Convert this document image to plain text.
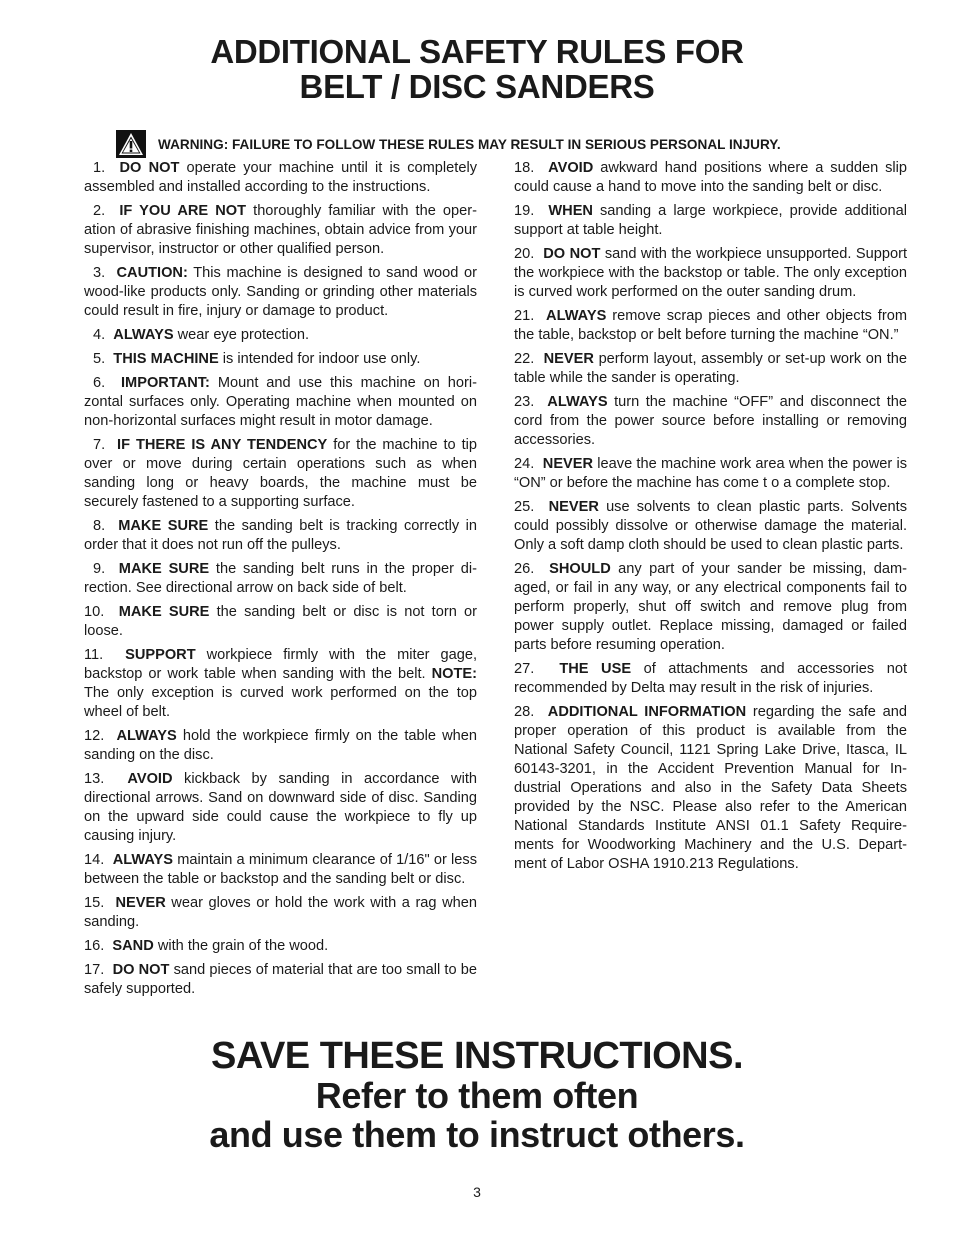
ADDITIONAL SAFETY RULES FOR
BELT / DISC SANDERS
WARNING: FAILURE TO FOLLOW THESE RULES MAY RESULT IN SERIOUS PERSONAL INJURY.

1. DO NOT operate your machine until it is completely assembled and installed according to the instructions.

2. IF YOU ARE NOT thoroughly familiar with the oper-ation of abrasive finishing machines, obtain advice from your supervisor, instructor or other qualified person.

3. CAUTION: This machine is designed to sand wood or wood-like products only. Sanding or grinding other materials could result in fire, injury or damage to product.

4. ALWAYS wear eye protection.

5. THIS MACHINE is intended for indoor use only.

6. IMPORTANT: Mount and use this machine on hori-zontal surfaces only. Operating machine when mounted on non-horizontal surfaces might result in motor damage.

7. IF THERE IS ANY TENDENCY for the machine to tip over or move during certain operations such as when sanding long or heavy boards, the machine must be securely fastened to a supporting surface.

8. MAKE SURE the sanding belt is tracking correctly in order that it does not run off the pulleys.

9. MAKE SURE the sanding belt runs in the proper di-rection. See directional arrow on back side of belt.

10. MAKE SURE the sanding belt or disc is not torn or loose.

11. SUPPORT workpiece firmly with the miter gage, backstop or work table when sanding with the belt. NOTE: The only exception is curved work performed on the top wheel of belt.

12. ALWAYS hold the workpiece firmly on the table when sanding on the disc.

13. AVOID kickback by sanding in accordance with directional arrows. Sand on downward side of disc. Sanding on the upward side could cause the workpiece to fly up causing injury.

14. ALWAYS maintain a minimum clearance of 1/16" or less between the table or backstop and the sanding belt or disc.

15. NEVER wear gloves or hold the work with a rag when sanding.

16. SAND with the grain of the wood.

17. DO NOT sand pieces of material that are too small to be safely supported.

18. AVOID awkward hand positions where a sudden slip could cause a hand to move into the sanding belt or disc.

19. WHEN sanding a large workpiece, provide additional support at table height.

20. DO NOT sand with the workpiece unsupported. Support the workpiece with the backstop or table. The only exception is curved work performed on the outer sanding drum.

21. ALWAYS remove scrap pieces and other objects from the table, backstop or belt before turning the machine “ON.”

22. NEVER perform layout, assembly or set-up work on the table while the sander is operating.

23. ALWAYS turn the machine “OFF” and disconnect the cord from the power source before installing or removing accessories.

24. NEVER leave the machine work area when the power is “ON” or before the machine has come t o a complete stop.

25. NEVER use solvents to clean plastic parts. Solvents could possibly dissolve or otherwise damage the material. Only a soft damp cloth should be used to clean plastic parts.

26. SHOULD any part of your sander be missing, dam-aged, or fail in any way, or any electrical components fail to perform properly, shut off switch and remove plug from power supply outlet. Replace missing, damaged or failed parts before resuming operation.

27. THE USE of attachments and accessories not recommended by Delta may result in the risk of injuries.

28. ADDITIONAL INFORMATION regarding the safe and proper operation of this product is available from the National Safety Council, 1121 Spring Lake Drive, Itasca, IL 60143-3201, in the Accident Prevention Manual for In-dustrial Operations and also in the Safety Data Sheets provided by the NSC. Please also refer to the American National Standards Institute ANSI 01.1 Safety Require-ments for Woodworking Machinery and the U.S. Depart-ment of Labor OSHA 1910.213 Regulations.

SAVE THESE INSTRUCTIONS.
Refer to them often
and use them to instruct others.
3
